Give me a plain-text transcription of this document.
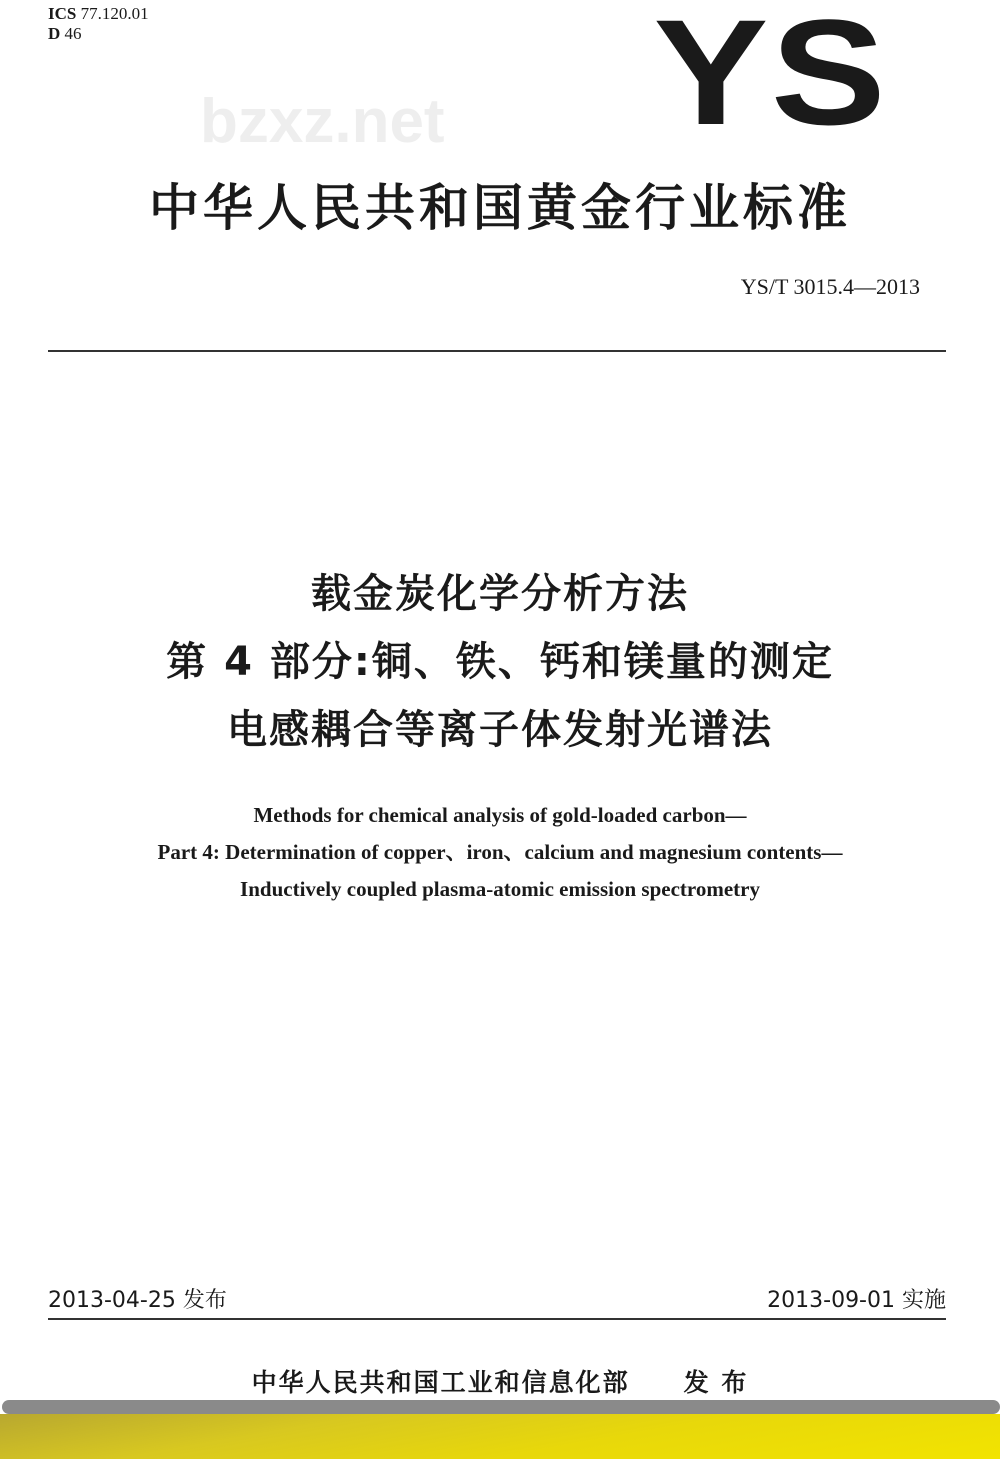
ICS 77.120.01
D 46	YS
bzxz.net
中华人民共和国黄金行业标准
YS/T 3015.4—2013
载金炭化学分析方法
第 4 部分:铜、铁、钙和镁量的测定
电感耦合等离子体发射光谱法
Methods for chemical analysis of gold-loaded carbon—
Part 4: Determination of copper、iron、calcium and magnesium contents—
Inductively coupled plasma-atomic emission spectrometry
2013-04-25 发布	2013-09-01 实施
中华人民共和国工业和信息化部　　发 布
